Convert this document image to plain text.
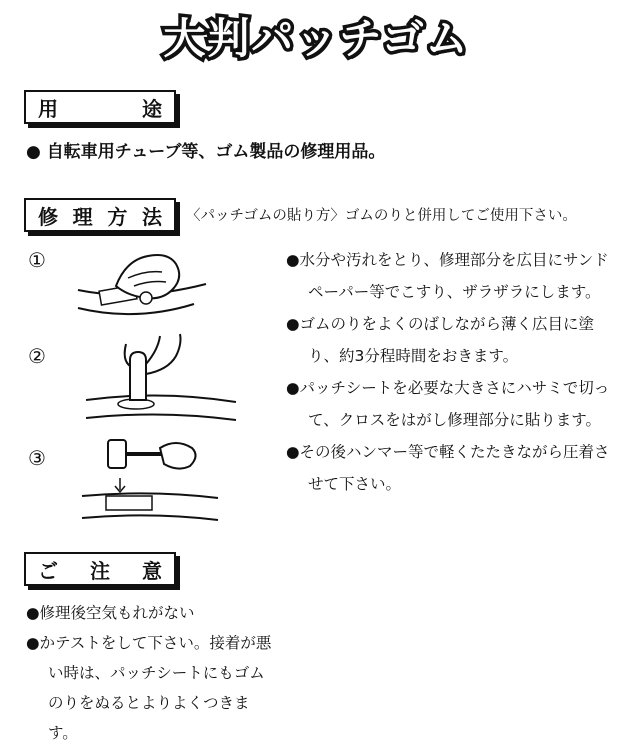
大判パッチゴム
用	途
● 自転車用チューブ等、ゴム製品の修理用品。
修 理 方 法 〈パッチゴムの貼り方〉ゴムのりと併用してご使用下さい。
①
②
③

●水分や汚れをとり、修理部分を広目にサンドペーパー等でこすり、ザラザラにします。

●ゴムのりをよくのばしながら薄く広目に塗り、約3分程時間をおきます。

●パッチシートを必要な大きさにハサミで切って、クロスをはがし修理部分に貼ります。

●その後ハンマー等で軽くたたきながら圧着させて下さい。

ご 注 意

●修理後空気もれがない

●かテストをして下さい。接着が悪い時は、パッチシートにもゴムのりをぬるとよりよくつきます。
